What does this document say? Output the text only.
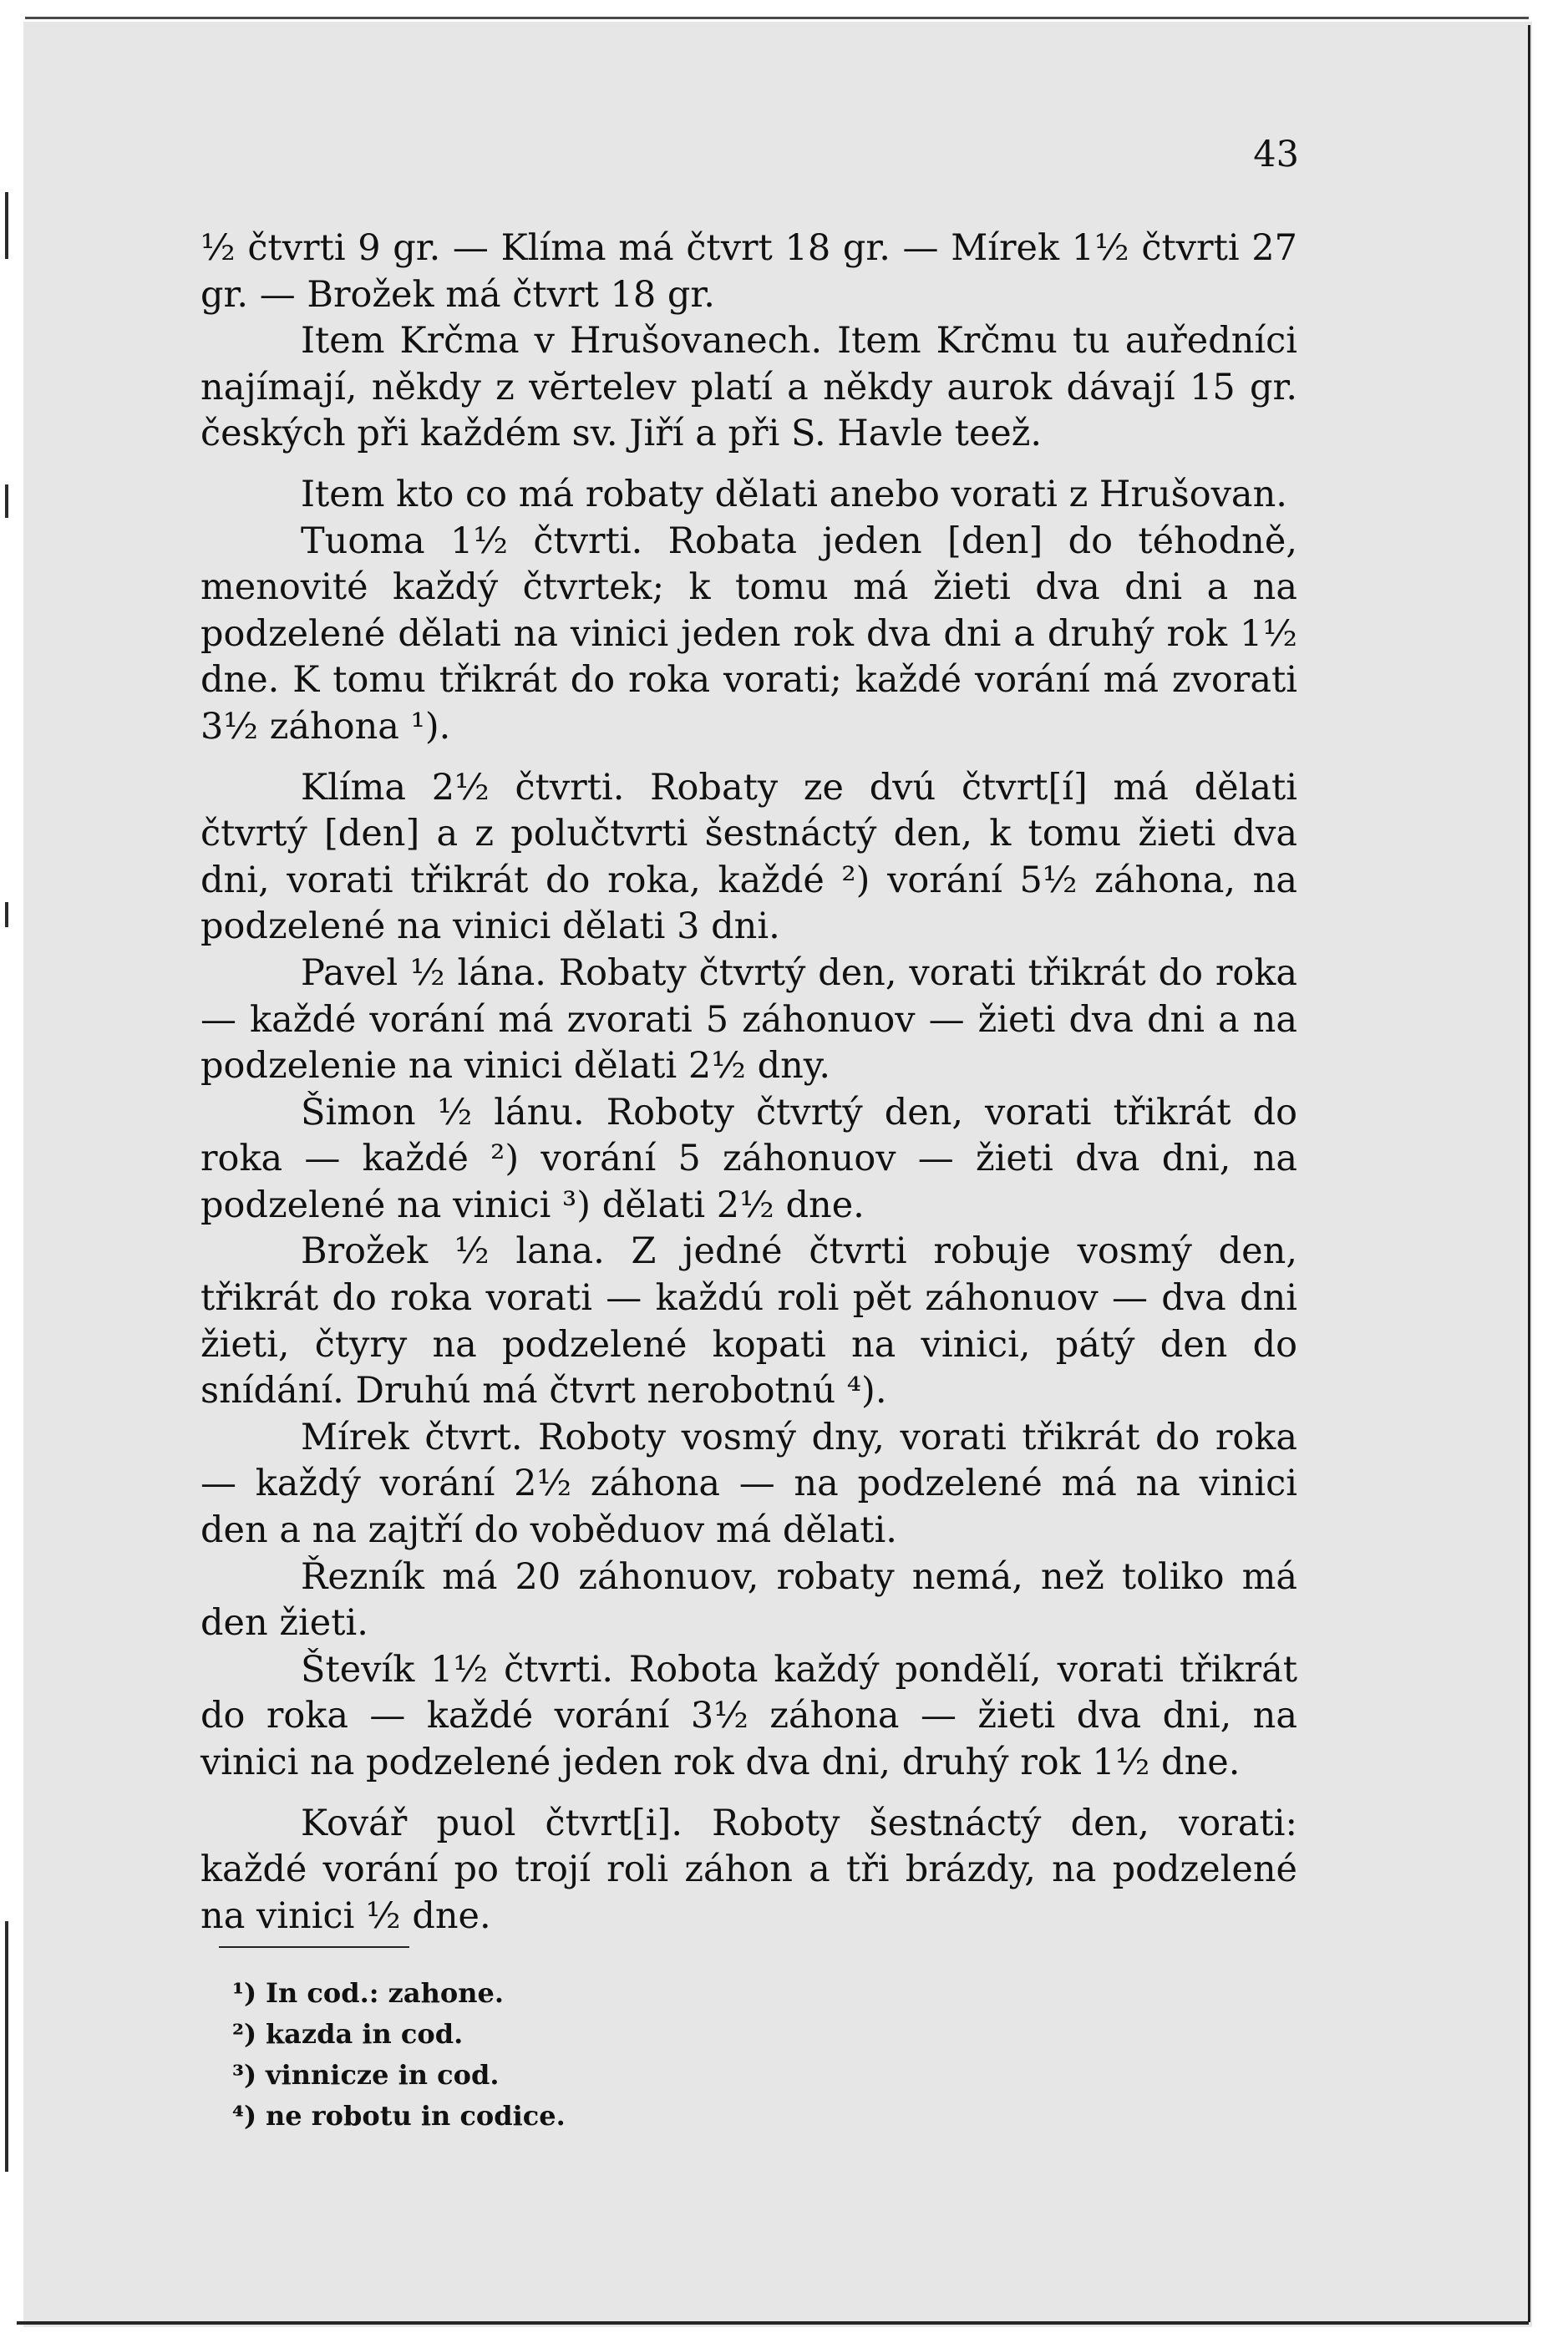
43

½ čtvrti 9 gr. — Klíma má čtvrt 18 gr. — Mírek 1½ čtvrti 27 gr. — Brožek má čtvrt 18 gr.

Item Krčma v Hrušovanech. Item Krčmu tu auředníci najímají, někdy z vĕrtelev platí a někdy aurok dávají 15 gr. českých při každém sv. Jiří a při S. Havle teež.

Item kto co má robaty dělati anebo vorati z Hrušovan.

Tuoma 1½ čtvrti. Robata jeden [den] do téhodně, menovité každý čtvrtek; k tomu má žieti dva dni a na podzelené dělati na vinici jeden rok dva dni a druhý rok 1½ dne. K tomu třikrát do roka vorati; každé vorání má zvorati 3½ záhona ¹).

Klíma 2½ čtvrti. Robaty ze dvú čtvrt[í] má dělati čtvrtý [den] a z polučtvrti šestnáctý den, k tomu žieti dva dni, vorati třikrát do roka, každé ²) vorání 5½ záhona, na podzelené na vinici dělati 3 dni.

Pavel ½ lána. Robaty čtvrtý den, vorati třikrát do roka — každé vorání má zvorati 5 záhonuov — žieti dva dni a na podzelenie na vinici dělati 2½ dny.

Šimon ½ lánu. Roboty čtvrtý den, vorati třikrát do roka — každé ²) vorání 5 záhonuov — žieti dva dni, na podzelené na vinici ³) dělati 2½ dne.

Brožek ½ lana. Z jedné čtvrti robuje vosmý den, třikrát do roka vorati — každú roli pět záhonuov — dva dni žieti, čtyry na podzelené kopati na vinici, pátý den do snídání. Druhú má čtvrt nerobotnú ⁴).

Mírek čtvrt. Roboty vosmý dny, vorati třikrát do roka — každý vorání 2½ záhona — na podzelené má na vinici den a na zajtří do voběduov má dělati.

Řezník má 20 záhonuov, robaty nemá, než toliko má den žieti.

Števík 1½ čtvrti. Robota každý pondělí, vorati třikrát do roka — každé vorání 3½ záhona — žieti dva dni, na vinici na podzelené jeden rok dva dni, druhý rok 1½ dne.

Kovář puol čtvrt[i]. Roboty šestnáctý den, vorati: každé vorání po trojí roli záhon a tři brázdy, na podzelené na vinici ½ dne.

¹) In cod.: zahone.
²) kazda in cod.
³) vinnicze in cod.
⁴) ne robotu in codice.
